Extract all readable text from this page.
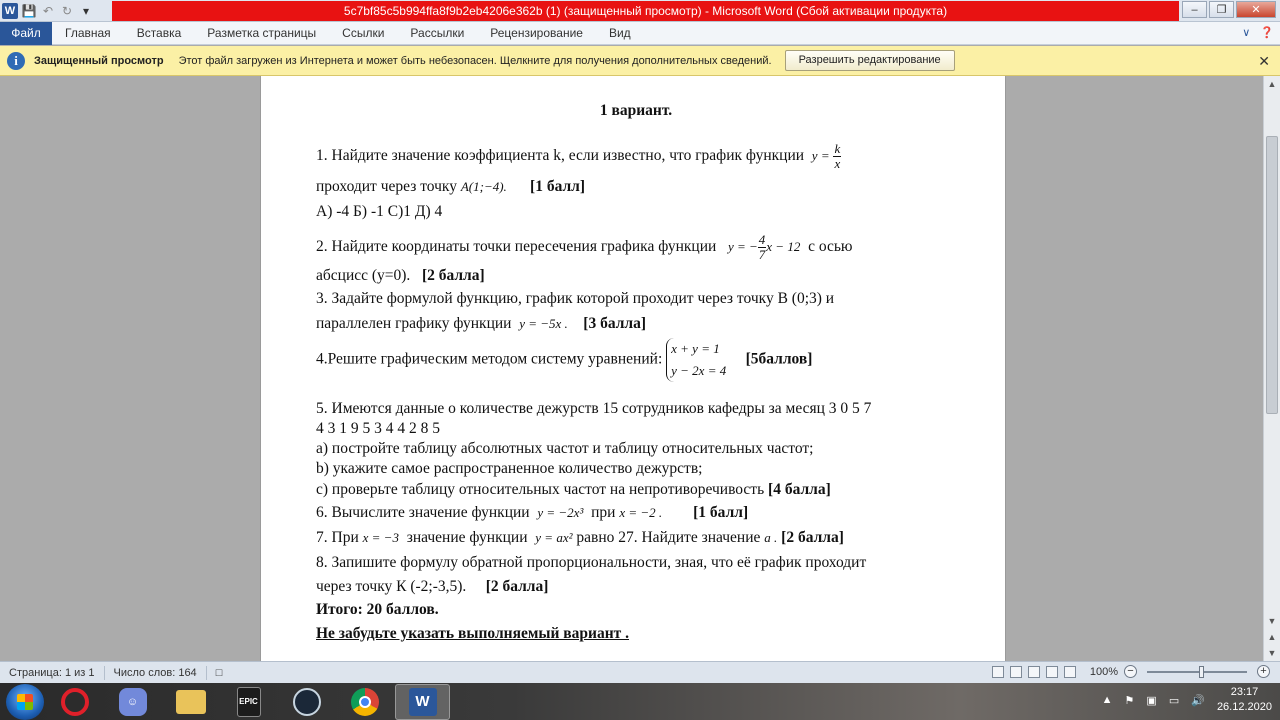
W 💾 ↶ ↻ ▾	5c7bf85c5b994ffa8f9b2eb4206e362b (1) (защищенный просмотр) - Microsoft Word (Сбой активации продукта)	–	❐	✕
Файл	Главная	Вставка	Разметка страницы	Ссылки	Рассылки	Рецензирование	Вид	∨ ❓
i	Защищенный просмотр Этот файл загружен из Интернета и может быть небезопасен. Щелкните для получения дополнительных сведений.	Разрешить редактирование	✕
1 вариант.
1. Найдите значение коэффициента k, если известно, что график функции $y = \frac{k}{x}$
проходит через точку A(1;−4). [1 балл]
А) -4 Б) -1 С)1 Д) 4
2. Найдите координаты точки пересечения графика функции y = − $\frac{4}{7}$ x − 12 с осью
абсцисс (y=0). [2 балла]
3. Задайте формулой функцию, график которой проходит через точку В (0;3) и
параллелен графику функции y = −5x . [3 балла]
4.Решите графическим методом систему уравнений:
x + y = 1
y − 2x = 4
[5баллов]
5. Имеются данные о количестве дежурств 15 сотрудников кафедры за месяц 3 0 5 7
4 3 1 9 5 3 4 4 2 8 5
a) постройте таблицу абсолютных частот и таблицу относительных частот;
b) укажите самое распространенное количество дежурств;
c) проверьте таблицу относительных частот на непротиворечивость [4 балла]
6. Вычислите значение функции y = −2x³ при x = −2 . [1 балл]
7. При x = −3 значение функции y = ax² равно 27. Найдите значение a . [2 балла]
8. Запишите формулу обратной пропорциональности, зная, что её график проходит
через точку К (-2;-3,5). [2 балла]
Итого: 20 баллов.
Не забудьте указать выполняемый вариант .
▲
▼
▲
▼
Страница: 1 из 1	Число слов: 164	□	100% −	+
☺	EPIC	W	▲ ⚑ ▣ ▭ 🔊
23:17
26.12.2020
